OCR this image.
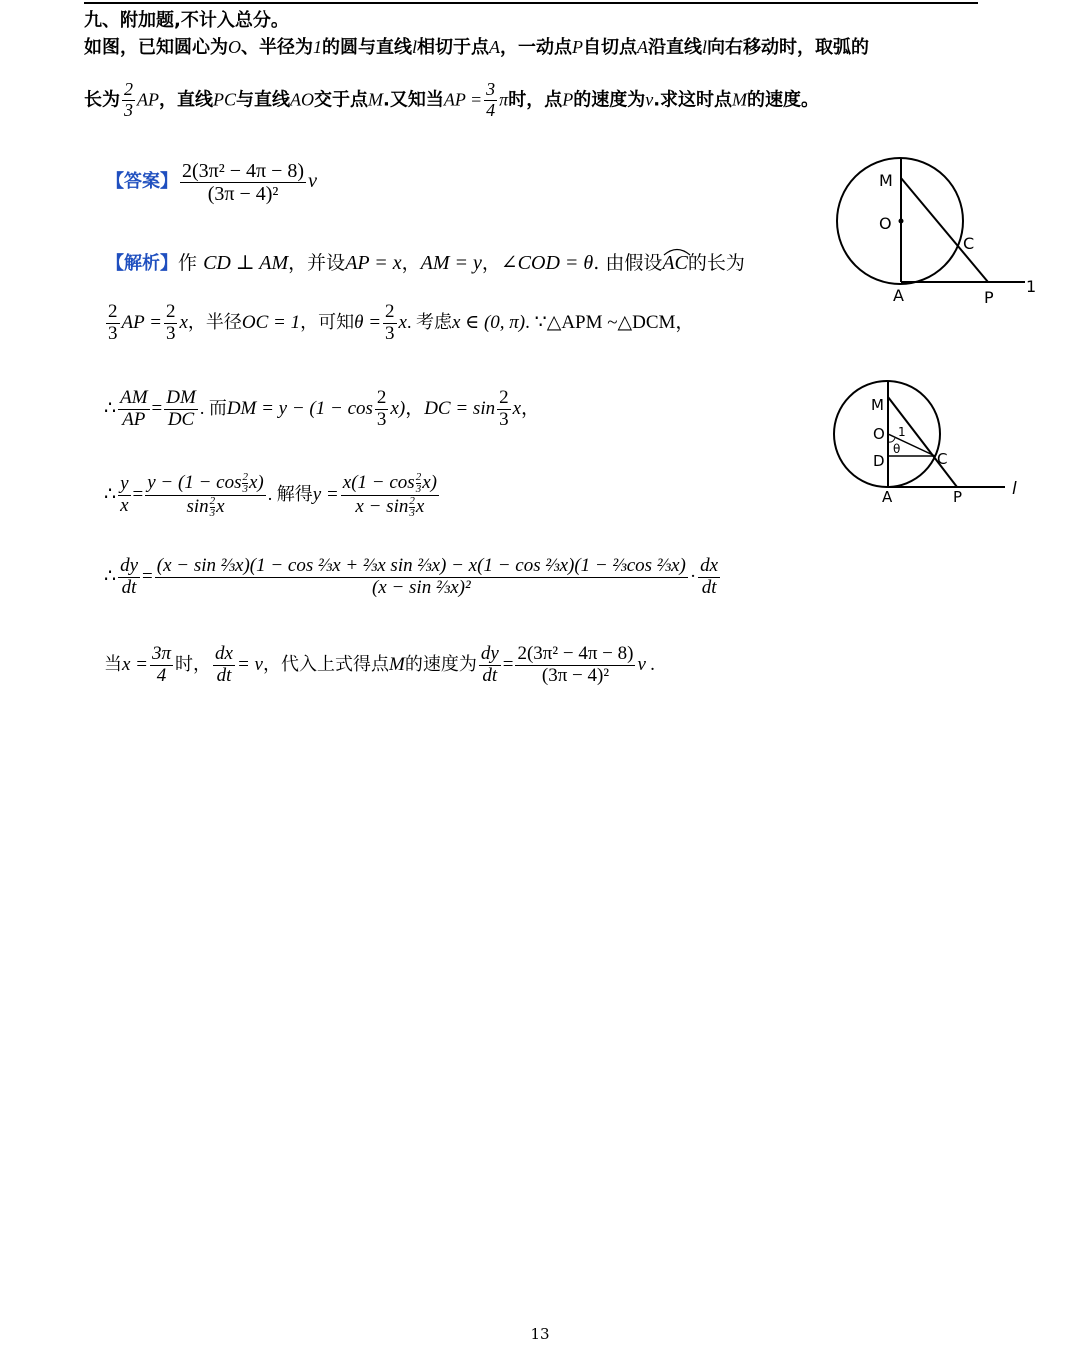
九、附加题,不计入总分。
如图，已知圆心为O、半径为1的圆与直线l相切于点A，一动点P自切点A沿直线l向右移动时，取弧的
长为 $\frac{2}{3}$ AP，直线PC与直线AO交于点M.又知当AP = $\frac{3}{4}$ π时，点P的速度为v.求这时点M的速度。
【答案】 $\frac{\text{2(3π² − 4π − 8)}}{\text{(3π − 4)²}}$ v
【解析】作 CD ⊥ AM，并设AP = x，AM = y，∠COD = θ. 由假设AC
的长为
$\frac{2}{3}$ AP = $\frac{2}{3}$ x，半径OC = 1，可知$\theta = \frac{2}{3} x$. 考虑x ∈ (0, π). ∵△APM ~△DCM，
∴ $\frac{AM}{AP} = \frac{DM}{DC}$ . 而DM = $y - (1 - \cos \frac{2}{3} x)$，DC = $\sin \frac{2}{3}$ x，
∴ $\frac{y}{x} = \frac{y - (1 - \cos \frac{2}{3} x)}{\sin \frac{2}{3} x}$ . 解得$y = \frac{x(1 - \cos \frac{2}{3} x)}{x - \sin \frac{2}{3} x}$
∴ $\frac{dy}{dt}$ =
(x − sin ⅔x)(1 − cos ⅔x + ⅔x sin ⅔x) − x(1 − cos ⅔x)(1 − ⅔cos ⅔x)
(x − sin ⅔x)²
· $\frac{dx}{dt}$
当$x = \frac{3\pi}{4}$ 时， $\frac{dx}{dt} = v$，代入上式得点M的速度为 $\frac{dy}{dt} = \frac{\text{2(3π² − 4π − 8)}}{\text{(3π − 4)²}}$ v .
M
O
C
A	P
1
M
O 1
θ
D	C
A	P	l
13
